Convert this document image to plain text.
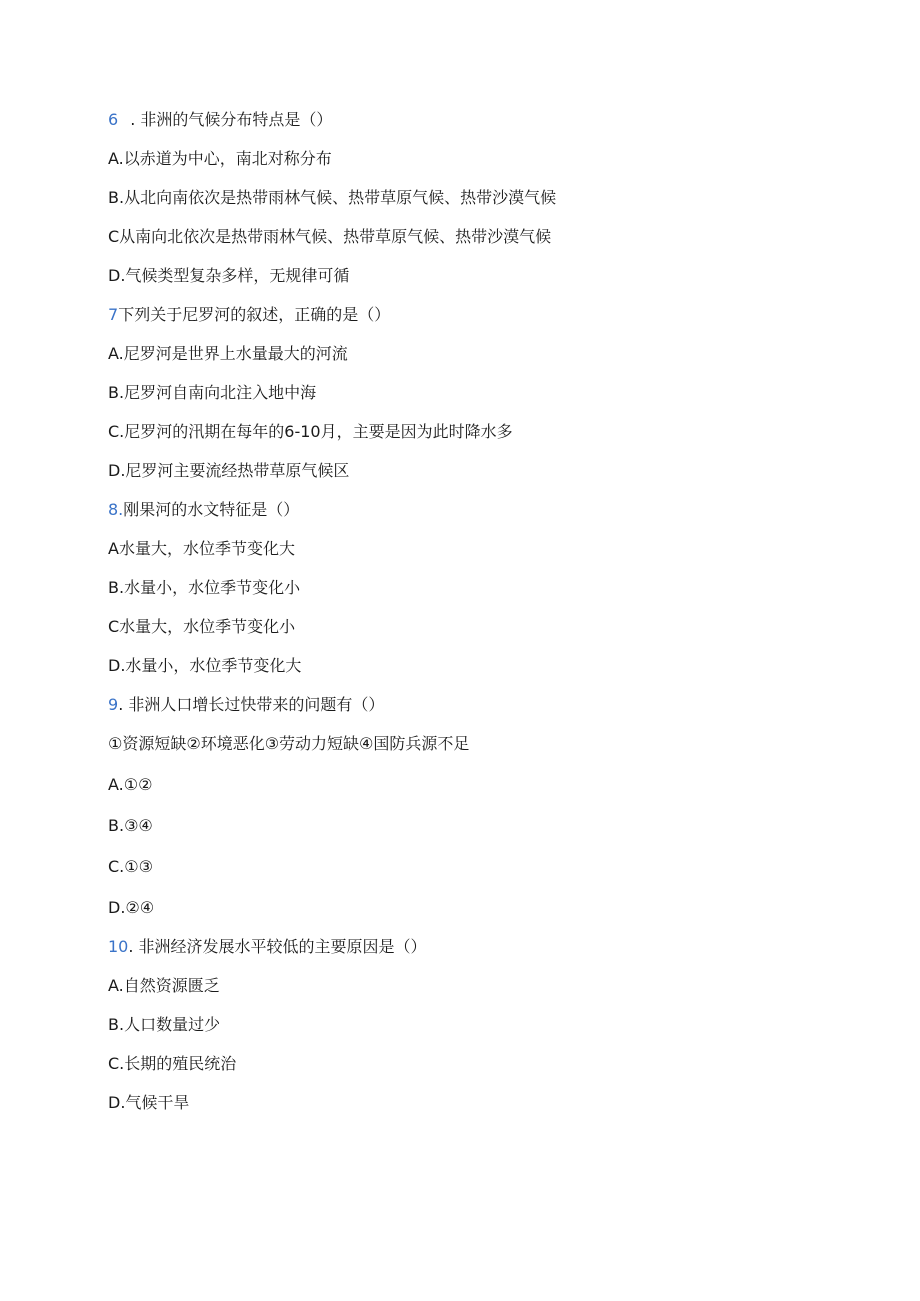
6 . 非洲的气候分布特点是（）
A.以赤道为中心，南北对称分布
B.从北向南依次是热带雨林气候、热带草原气候、热带沙漠气候
C从南向北依次是热带雨林气候、热带草原气候、热带沙漠气候
D.气候类型复杂多样，无规律可循
7下列关于尼罗河的叙述，正确的是（）
A.尼罗河是世界上水量最大的河流
B.尼罗河自南向北注入地中海
C.尼罗河的汛期在每年的6-10月，主要是因为此时降水多
D.尼罗河主要流经热带草原气候区
8.刚果河的水文特征是（）
A水量大，水位季节变化大
B.水量小，水位季节变化小
C水量大，水位季节变化小
D.水量小，水位季节变化大
9. 非洲人口增长过快带来的问题有（）
①资源短缺②环境恶化③劳动力短缺④国防兵源不足
A.①②
B.③④
C.①③
D.②④
10. 非洲经济发展水平较低的主要原因是（）
A.自然资源匮乏
B.人口数量过少
C.长期的殖民统治
D.气候干旱
